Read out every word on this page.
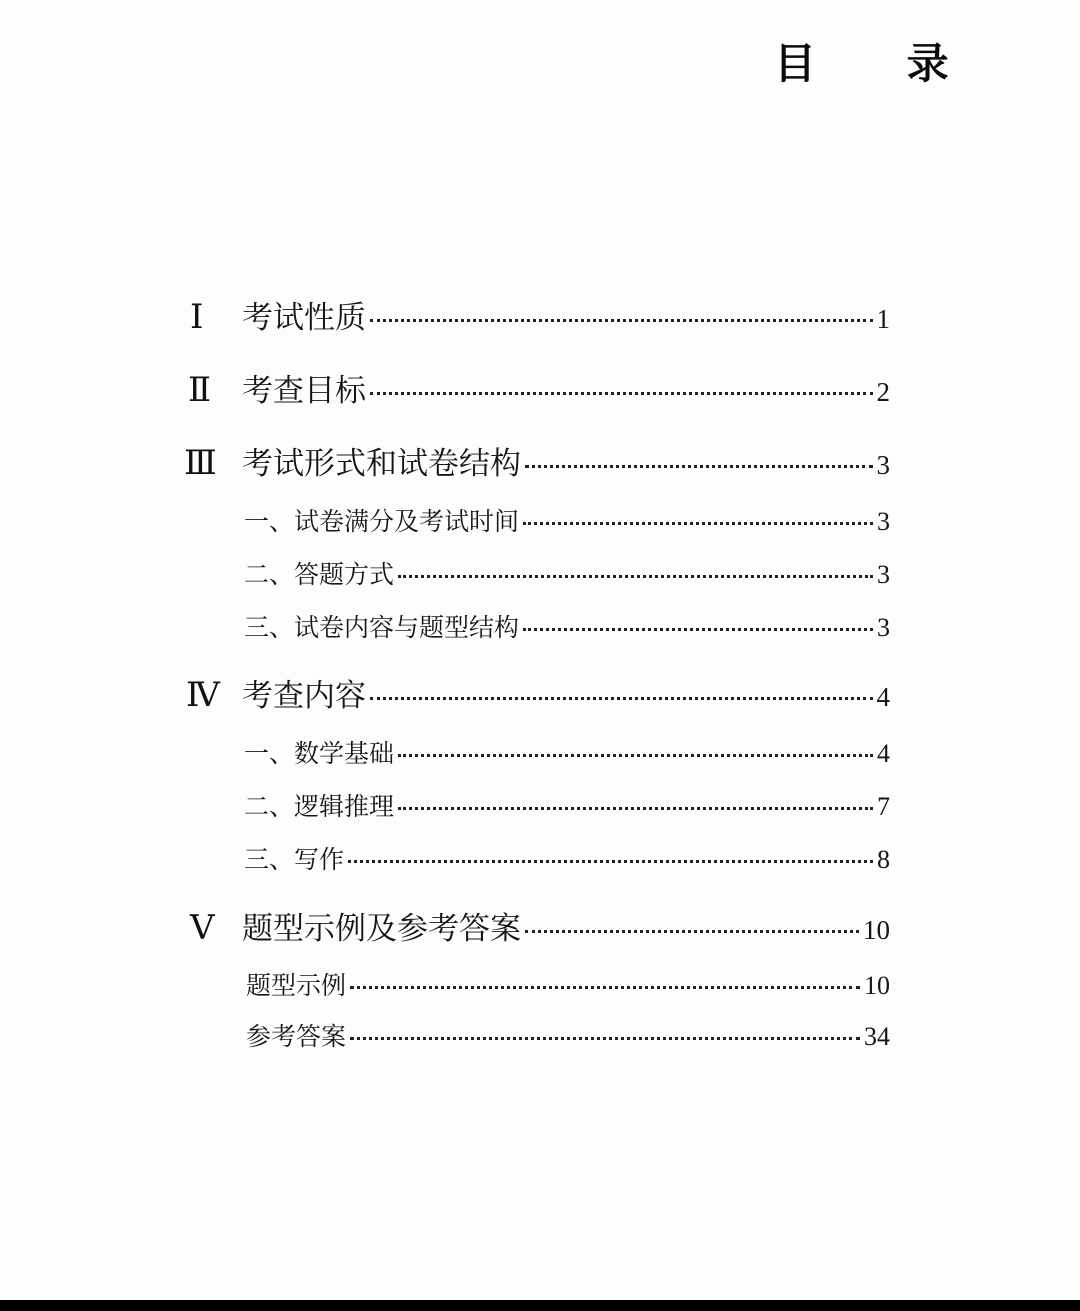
目 录
Ⅰ 考试性质	1
Ⅱ 考查目标	2
Ⅲ 考试形式和试卷结构	3
一、试卷满分及考试时间	3
二、答题方式	3
三、试卷内容与题型结构	3
Ⅳ 考查内容	4
一、数学基础	4
二、逻辑推理	7
三、写作	8
Ⅴ 题型示例及参考答案	10
题型示例	10
参考答案	34
